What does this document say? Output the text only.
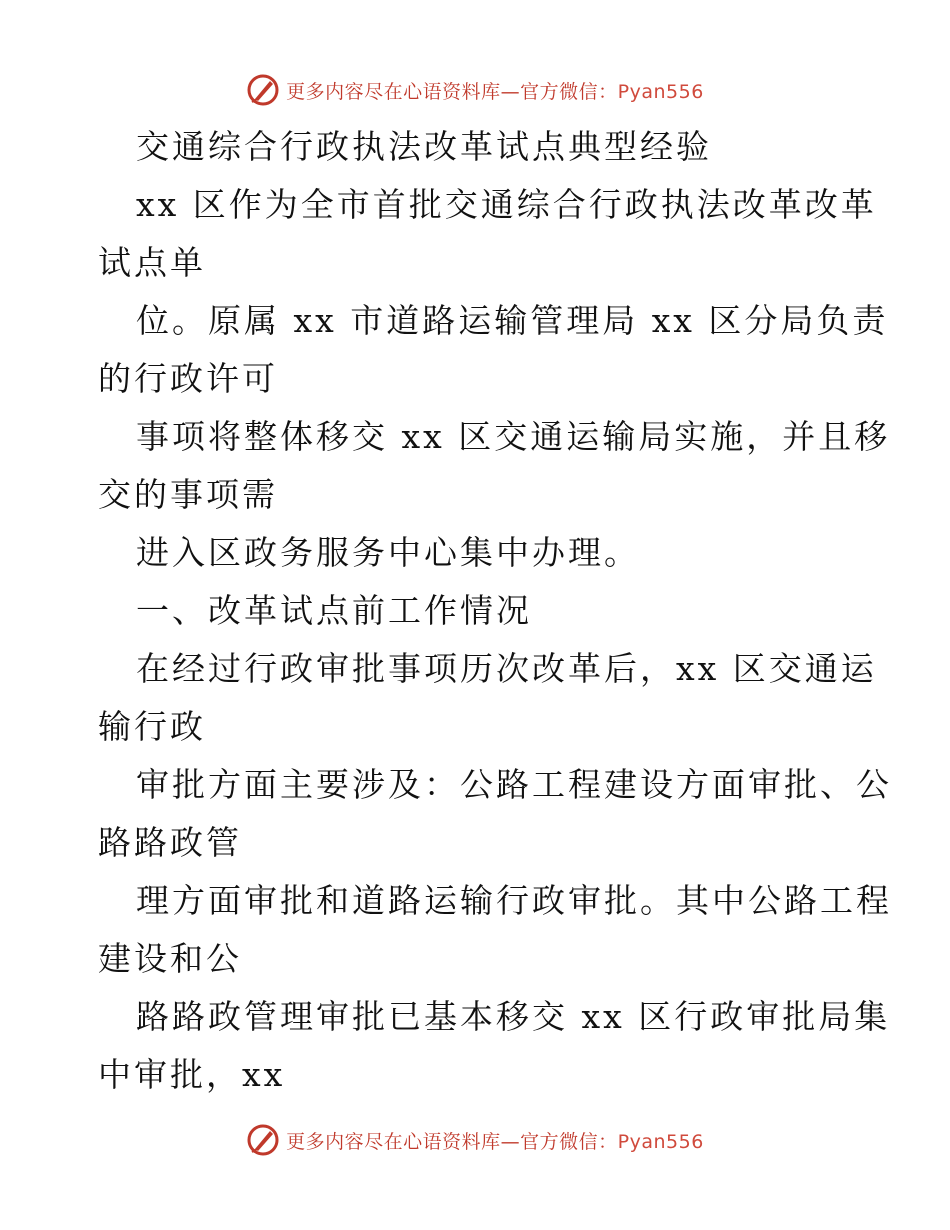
更多内容尽在心语资料库—官方微信：Pyan556
交通综合行政执法改革试点典型经验
xx 区作为全市首批交通综合行政执法改革改革
试点单
位。原属 xx 市道路运输管理局 xx 区分局负责
的行政许可
事项将整体移交 xx 区交通运输局实施，并且移
交的事项需
进入区政务服务中心集中办理。
一、改革试点前工作情况
在经过行政审批事项历次改革后，xx 区交通运
输行政
审批方面主要涉及：公路工程建设方面审批、公
路路政管
理方面审批和道路运输行政审批。其中公路工程
建设和公
路路政管理审批已基本移交 xx 区行政审批局集
中审批，xx
更多内容尽在心语资料库—官方微信：Pyan556
